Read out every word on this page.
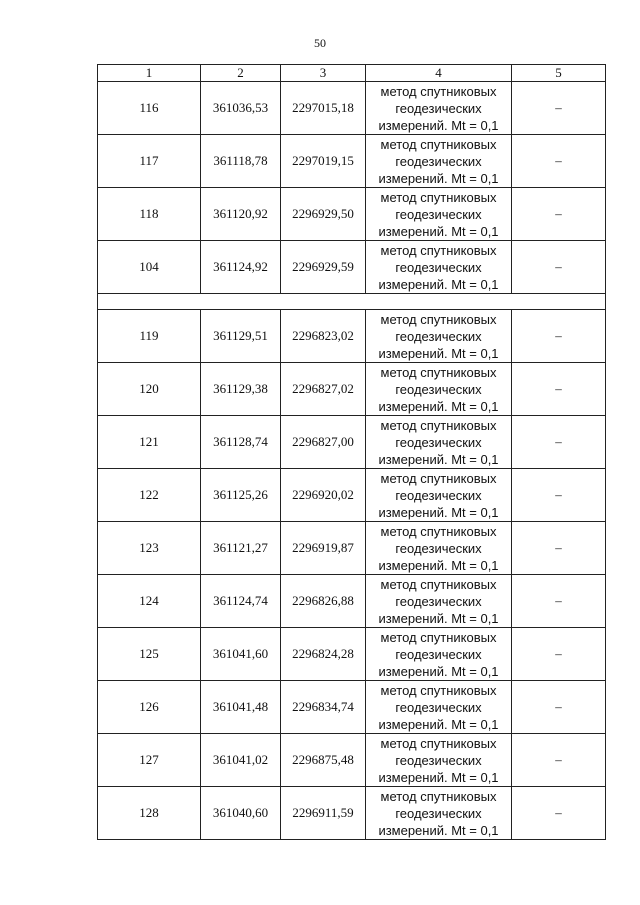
50
1	2	3	4	5
116	361036,53	2297015,18	метод спутниковых
геодезических
измерений. Mt = 0,1	–
117	361118,78	2297019,15	метод спутниковых
геодезических
измерений. Mt = 0,1	–
118	361120,92	2296929,50	метод спутниковых
геодезических
измерений. Mt = 0,1	–
104	361124,92	2296929,59	метод спутниковых
геодезических
измерений. Mt = 0,1	–

119	361129,51	2296823,02	метод спутниковых
геодезических
измерений. Mt = 0,1	–
120	361129,38	2296827,02	метод спутниковых
геодезических
измерений. Mt = 0,1	–
121	361128,74	2296827,00	метод спутниковых
геодезических
измерений. Mt = 0,1	–
122	361125,26	2296920,02	метод спутниковых
геодезических
измерений. Mt = 0,1	–
123	361121,27	2296919,87	метод спутниковых
геодезических
измерений. Mt = 0,1	–
124	361124,74	2296826,88	метод спутниковых
геодезических
измерений. Mt = 0,1	–
125	361041,60	2296824,28	метод спутниковых
геодезических
измерений. Mt = 0,1	–
126	361041,48	2296834,74	метод спутниковых
геодезических
измерений. Mt = 0,1	–
127	361041,02	2296875,48	метод спутниковых
геодезических
измерений. Mt = 0,1	–
128	361040,60	2296911,59	метод спутниковых
геодезических
измерений. Mt = 0,1	–
